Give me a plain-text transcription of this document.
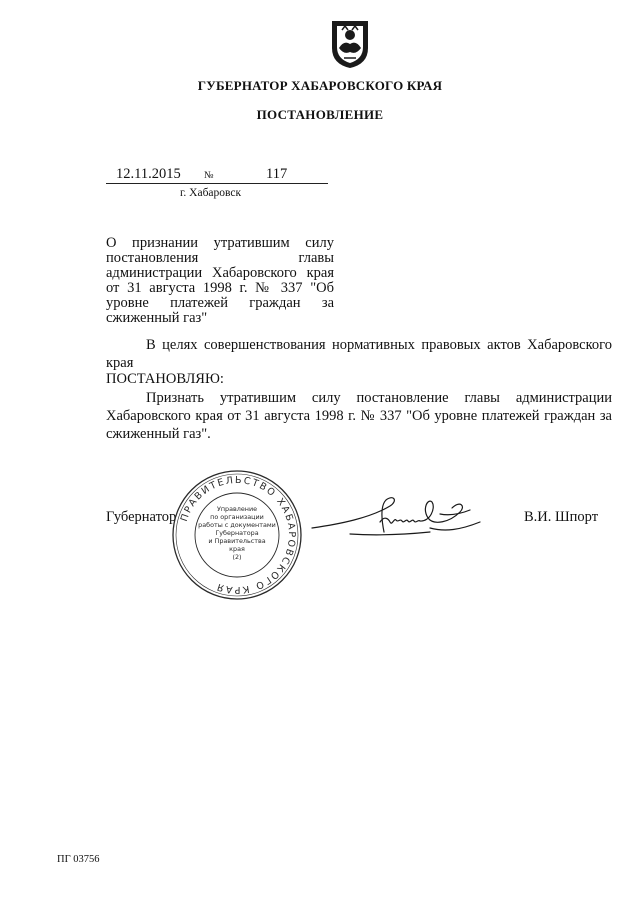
ГУБЕРНАТОР ХАБАРОВСКОГО КРАЯ
ПОСТАНОВЛЕНИЕ
12.11.2015 №	117
г. Хабаровск
О признании утратившим силу постановления главы администрации Хабаровского края от 31 августа 1998 г. № 337 "Об уровне платежей граждан за сжиженный газ"
В целях совершенствования нормативных правовых актов Хабаровского края
ПОСТАНОВЛЯЮ:
Признать утратившим силу постановление главы администрации Хабаровского края от 31 августа 1998 г. № 337 "Об уровне платежей граждан за сжиженный газ".
Губернатор	В.И. Шпорт
ПРАВИТЕЛЬСТВО ХАБАРОВСКОГО КРАЯ
Управление
по организации
работы с документами
Губернатора
и Правительства
края
(2)
ПГ 03756
